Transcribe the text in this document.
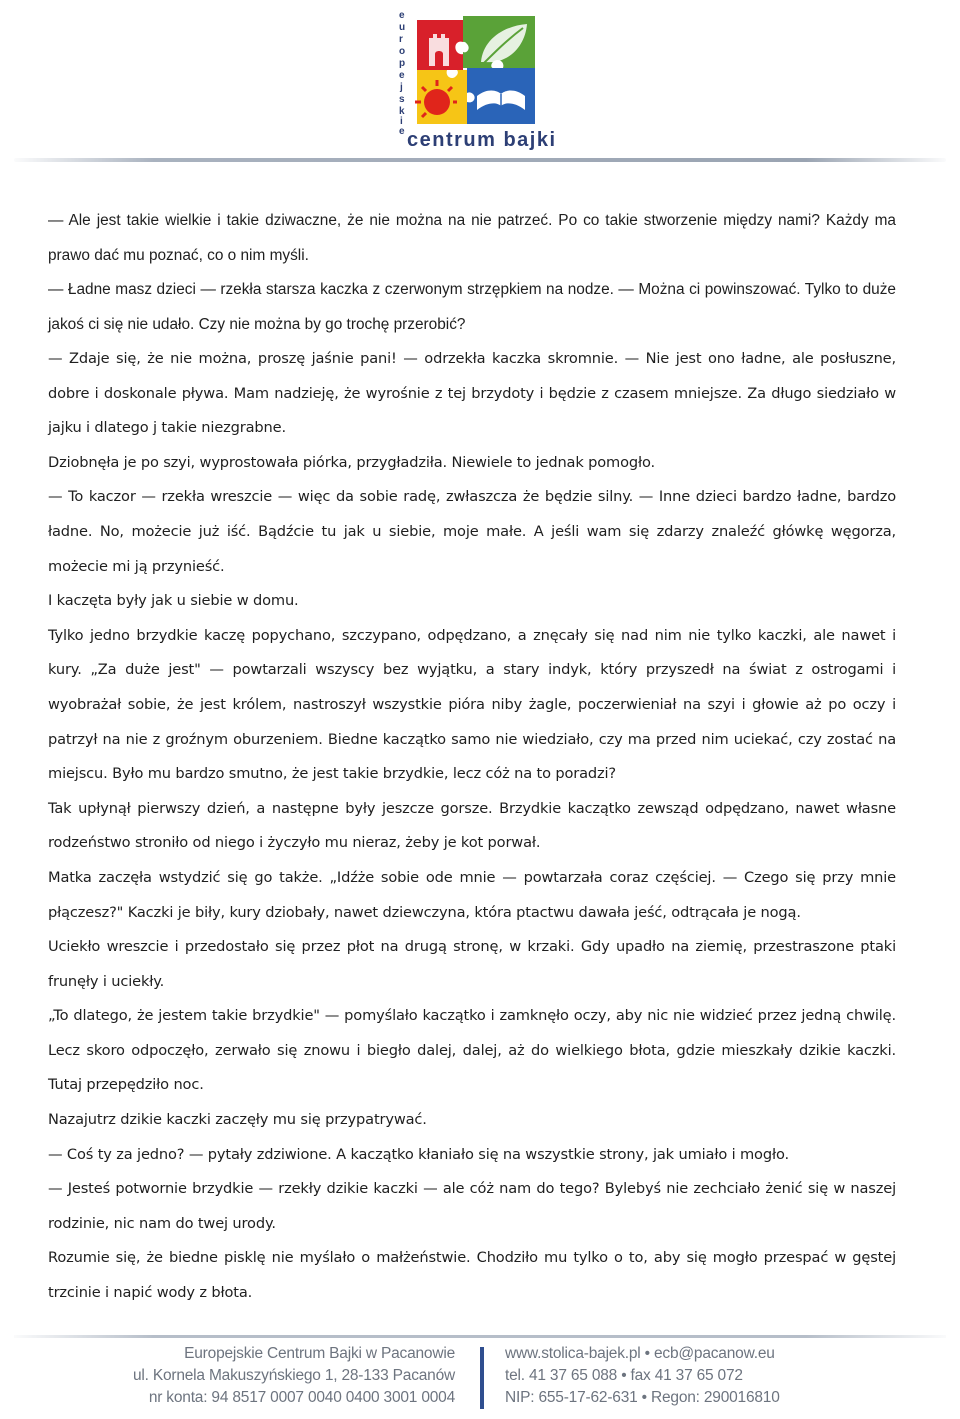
e
u
r
o
p
e
j
s
k
i
e centrum bajki

— Ale jest takie wielkie i takie dziwaczne, że nie można na nie patrzeć. Po co takie stworzenie między nami? Każdy ma prawo dać mu poznać, co o nim myśli.

— Ładne masz dzieci — rzekła starsza kaczka z czerwonym strzępkiem na nodze. — Można ci powinszować. Tylko to duże jakoś ci się nie udało. Czy nie można by go trochę przerobić?

— Zdaje się, że nie można, proszę jaśnie pani! — odrzekła kaczka skromnie. — Nie jest ono ładne, ale posłuszne, dobre i doskonale pływa. Mam nadzieję, że wyrośnie z tej brzydoty i będzie z czasem mniejsze. Za długo siedziało w jajku i dlatego j takie niezgrabne.

Dziobnęła je po szyi, wyprostowała piórka, przygładziła. Niewiele to jednak pomogło.

— To kaczor — rzekła wreszcie — więc da sobie radę, zwłaszcza że będzie silny. — Inne dzieci bardzo ładne, bardzo ładne. No, możecie już iść. Bądźcie tu jak u siebie, moje małe. A jeśli wam się zdarzy znaleźć główkę węgorza, możecie mi ją przynieść.

I kaczęta były jak u siebie w domu.

Tylko jedno brzydkie kaczę popychano, szczypano, odpędzano, a znęcały się nad nim nie tylko kaczki, ale nawet i kury. „Za duże jest" — powtarzali wszyscy bez wyjątku, a stary indyk, który przyszedł na świat z ostrogami i wyobrażał sobie, że jest królem, nastroszył wszystkie pióra niby żagle, poczerwieniał na szyi i głowie aż po oczy i patrzył na nie z groźnym oburzeniem. Biedne kaczątko samo nie wiedziało, czy ma przed nim uciekać, czy zostać na miejscu. Było mu bardzo smutno, że jest takie brzydkie, lecz cóż na to poradzi?

Tak upłynął pierwszy dzień, a następne były jeszcze gorsze. Brzydkie kaczątko zewsząd odpędzano, nawet własne rodzeństwo stroniło od niego i życzyło mu nieraz, żeby je kot porwał.

Matka zaczęła wstydzić się go także. „Idźże sobie ode mnie — powtarzała coraz częściej. — Czego się przy mnie płączesz?" Kaczki je biły, kury dziobały, nawet dziewczyna, która ptactwu dawała jeść, odtrącała je nogą.

Uciekło wreszcie i przedostało się przez płot na drugą stronę, w krzaki. Gdy upadło na ziemię, przestraszone ptaki frunęły i uciekły.

„To dlatego, że jestem takie brzydkie" — pomyślało kaczątko i zamknęło oczy, aby nic nie widzieć przez jedną chwilę. Lecz skoro odpoczęło, zerwało się znowu i biegło dalej, dalej, aż do wielkiego błota, gdzie mieszkały dzikie kaczki. Tutaj przepędziło noc.

Nazajutrz dzikie kaczki zaczęły mu się przypatrywać.

— Coś ty za jedno? — pytały zdziwione. A kaczątko kłaniało się na wszystkie strony, jak umiało i mogło.

— Jesteś potwornie brzydkie — rzekły dzikie kaczki — ale cóż nam do tego? Bylebyś nie zechciało żenić się w naszej rodzinie, nic nam do twej urody.

Rozumie się, że biedne pisklę nie myślało o małżeństwie. Chodziło mu tylko o to, aby się mogło przespać w gęstej trzcinie i napić wody z błota.

Europejskie Centrum Bajki w Pacanowie
ul. Kornela Makuszyńskiego 1, 28-133 Pacanów
nr konta: 94 8517 0007 0040 0400 3001 0004
www.stolica-bajek.pl • ecb@pacanow.eu
tel. 41 37 65 088 • fax 41 37 65 072
NIP: 655-17-62-631 • Regon: 290016810
